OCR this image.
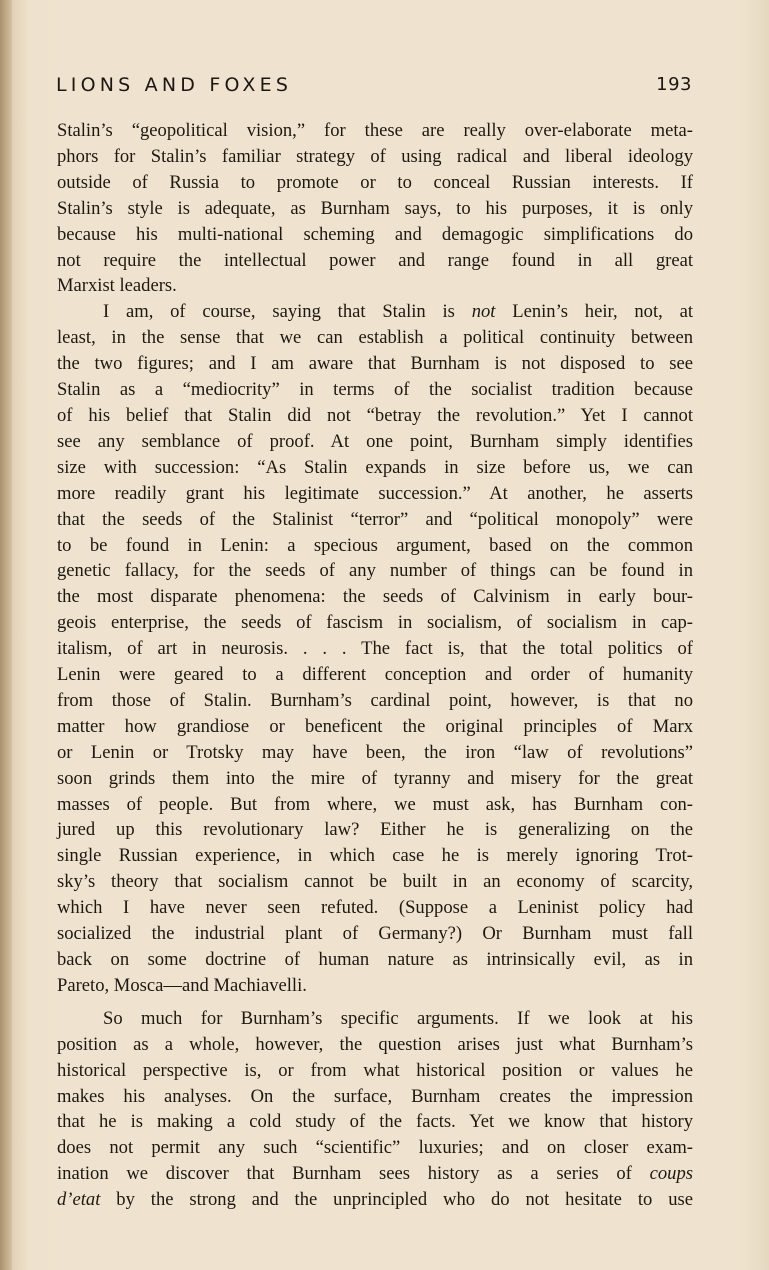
LIONS AND FOXES	193

Stalin’s “geopolitical vision,” for these are really over-elaborate meta-
phors for Stalin’s familiar strategy of using radical and liberal ideology
outside of Russia to promote or to conceal Russian interests. If
Stalin’s style is adequate, as Burnham says, to his purposes, it is only
because his multi-national scheming and demagogic simplifications do
not require the intellectual power and range found in all great
Marxist leaders.

I am, of course, saying that Stalin is not Lenin’s heir, not, at
least, in the sense that we can establish a political continuity between
the two figures; and I am aware that Burnham is not disposed to see
Stalin as a “mediocrity” in terms of the socialist tradition because
of his belief that Stalin did not “betray the revolution.” Yet I cannot
see any semblance of proof. At one point, Burnham simply identifies
size with succession: “As Stalin expands in size before us, we can
more readily grant his legitimate succession.” At another, he asserts
that the seeds of the Stalinist “terror” and “political monopoly” were
to be found in Lenin: a specious argument, based on the common
genetic fallacy, for the seeds of any number of things can be found in
the most disparate phenomena: the seeds of Calvinism in early bour-
geois enterprise, the seeds of fascism in socialism, of socialism in cap-
italism, of art in neurosis. . . . The fact is, that the total politics of
Lenin were geared to a different conception and order of humanity
from those of Stalin. Burnham’s cardinal point, however, is that no
matter how grandiose or beneficent the original principles of Marx
or Lenin or Trotsky may have been, the iron “law of revolutions”
soon grinds them into the mire of tyranny and misery for the great
masses of people. But from where, we must ask, has Burnham con-
jured up this revolutionary law? Either he is generalizing on the
single Russian experience, in which case he is merely ignoring Trot-
sky’s theory that socialism cannot be built in an economy of scarcity,
which I have never seen refuted. (Suppose a Leninist policy had
socialized the industrial plant of Germany?) Or Burnham must fall
back on some doctrine of human nature as intrinsically evil, as in
Pareto, Mosca—and Machiavelli.

So much for Burnham’s specific arguments. If we look at his
position as a whole, however, the question arises just what Burnham’s
historical perspective is, or from what historical position or values he
makes his analyses. On the surface, Burnham creates the impression
that he is making a cold study of the facts. Yet we know that history
does not permit any such “scientific” luxuries; and on closer exam-
ination we discover that Burnham sees history as a series of coups
d’etat by the strong and the unprincipled who do not hesitate to use
